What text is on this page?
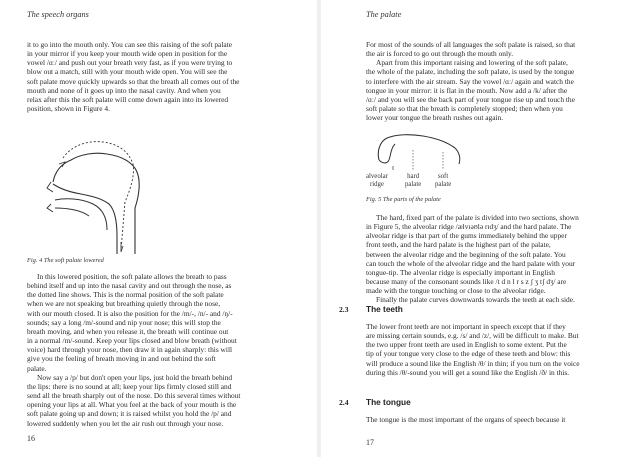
The speech organs
it to go into the mouth only. You can see this raising of the soft palate
in your mirror if you keep your mouth wide open in position for the
vowel /ɑː/ and push out your breath very fast, as if you were trying to
blow out a match, still with your mouth wide open. You will see the
soft palate move quickly upwards so that the breath all comes out of the
mouth and none of it goes up into the nasal cavity. And when you
relax after this the soft palate will come down again into its lowered
position, shown in Figure 4.
Fig. 4 The soft palate lowered
In this lowered position, the soft palate allows the breath to pass
behind itself and up into the nasal cavity and out through the nose, as
the dotted line shows. This is the normal position of the soft palate
when we are not speaking but breathing quietly through the nose,
with our mouth closed. It is also the position for the /m/-, /n/- and /ŋ/-
sounds; say a long /m/-sound and nip your nose; this will stop the
breath moving, and when you release it, the breath will continue out
in a normal /m/-sound. Keep your lips closed and blow breath (without
voice) hard through your nose, then draw it in again sharply: this will
give you the feeling of breath moving in and out behind the soft
palate.
Now say a /p/ but don't open your lips, just hold the breath behind
the lips: there is no sound at all; keep your lips firmly closed still and
send all the breath sharply out of the nose. Do this several times without
opening your lips at all. What you feel at the back of your mouth is the
soft palate going up and down; it is raised whilst you hold the /p/ and
lowered suddenly when you let the air rush out through your nose.
16
The palate
For most of the sounds of all languages the soft palate is raised, so that
the air is forced to go out through the mouth only.
Apart from this important raising and lowering of the soft palate,
the whole of the palate, including the soft palate, is used by the tongue
to interfere with the air stream. Say the vowel /ɑː/ again and watch the
tongue in your mirror: it is flat in the mouth. Now add a /k/ after the
/ɑː/ and you will see the back part of your tongue rise up and touch the
soft palate so that the breath is completely stopped; then when you
lower your tongue the breath rushes out again.
alveolar
ridge
hard
palate
soft
palate
Fig. 5 The parts of the palate
The hard, fixed part of the palate is divided into two sections, shown
in Figure 5, the alveolar ridge /ælvɪəʊlə rɪdʒ/ and the hard palate. The
alveolar ridge is that part of the gums immediately behind the upper
front teeth, and the hard palate is the highest part of the palate,
between the alveolar ridge and the beginning of the soft palate. You
can touch the whole of the alveolar ridge and the hard palate with your
tongue-tip. The alveolar ridge is especially important in English
because many of the consonant sounds like /t d n l r s z ʃ ʒ tʃ dʒ/ are
made with the tongue touching or close to the alveolar ridge.
Finally the palate curves downwards towards the teeth at each side.
2.3 The teeth
The lower front teeth are not important in speech except that if they
are missing certain sounds, e.g. /s/ and /z/, will be difficult to make. But
the two upper front teeth are used in English to some extent. Put the
tip of your tongue very close to the edge of these teeth and blow: this
will produce a sound like the English /θ/ in thin; if you turn on the voice
during this /θ/-sound you will get a sound like the English /ð/ in this.
2.4 The tongue
The tongue is the most important of the organs of speech because it
17
